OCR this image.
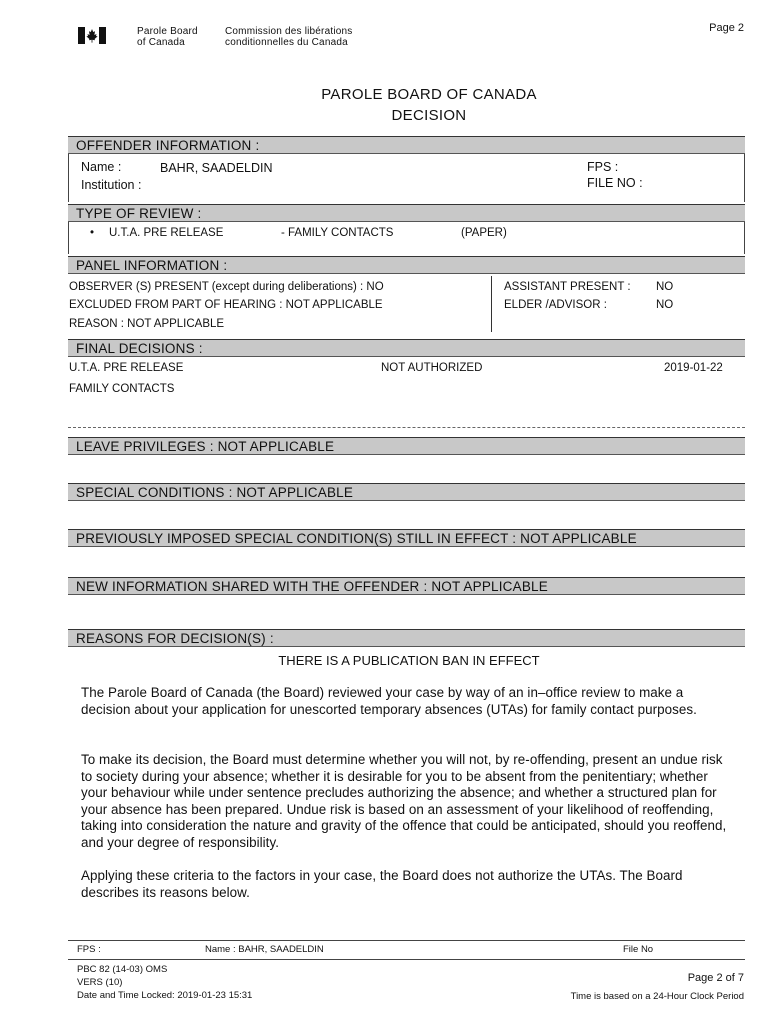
Parole Board
of Canada
Commission des libérations
conditionnelles du Canada
Page 2
PAROLE BOARD OF CANADA
DECISION
OFFENDER INFORMATION :
Name :	BAHR, SAADELDIN
Institution :
FPS :
FILE NO :
TYPE OF REVIEW :
• U.T.A. PRE RELEASE	- FAMILY CONTACTS	(PAPER)
PANEL INFORMATION :
OBSERVER (S) PRESENT (except during deliberations) : NO
EXCLUDED FROM PART OF HEARING : NOT APPLICABLE
REASON : NOT APPLICABLE
ASSISTANT PRESENT : NO
ELDER /ADVISOR :	NO
FINAL DECISIONS :
U.T.A. PRE RELEASE	NOT AUTHORIZED	2019-01-22
FAMILY CONTACTS
LEAVE PRIVILEGES : NOT APPLICABLE
SPECIAL CONDITIONS : NOT APPLICABLE
PREVIOUSLY IMPOSED SPECIAL CONDITION(S) STILL IN EFFECT : NOT APPLICABLE
NEW INFORMATION SHARED WITH THE OFFENDER : NOT APPLICABLE
REASONS FOR DECISION(S) :
THERE IS A PUBLICATION BAN IN EFFECT
The Parole Board of Canada (the Board) reviewed your case by way of an in–office review to make a decision about your application for unescorted temporary absences (UTAs) for family contact purposes.
To make its decision, the Board must determine whether you will not, by re-offending, present an undue risk to society during your absence; whether it is desirable for you to be absent from the penitentiary; whether your behaviour while under sentence precludes authorizing the absence; and whether a structured plan for your absence has been prepared. Undue risk is based on an assessment of your likelihood of reoffending, taking into consideration the nature and gravity of the offence that could be anticipated, should you reoffend, and your degree of responsibility.
Applying these criteria to the factors in your case, the Board does not authorize the UTAs. The Board describes its reasons below.
FPS :	Name : BAHR, SAADELDIN	File No
PBC 82 (14-03) OMS
VERS (10)
Date and Time Locked: 2019-01-23 15:31
Page 2 of 7
Time is based on a 24-Hour Clock Period
